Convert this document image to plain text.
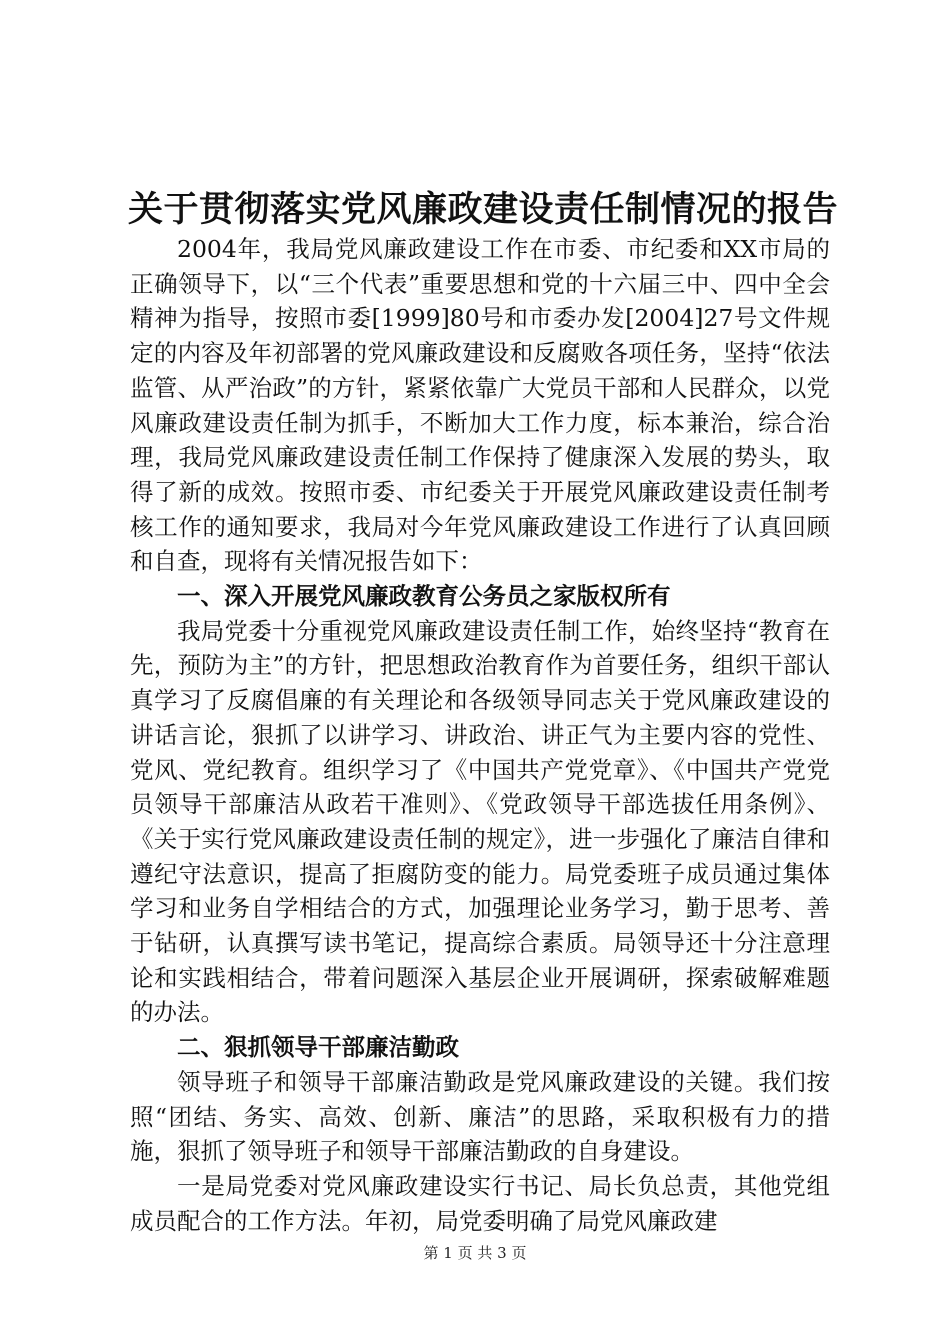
关于贯彻落实党风廉政建设责任制情况的报告

2004年，我局党风廉政建设工作在市委、市纪委和XX市局的正确领导下，以“三个代表”重要思想和党的十六届三中、四中全会精神为指导，按照市委[1999]80号和市委办发[2004]27号文件规定的内容及年初部署的党风廉政建设和反腐败各项任务，坚持“依法监管、从严治政”的方针，紧紧依靠广大党员干部和人民群众，以党风廉政建设责任制为抓手，不断加大工作力度，标本兼治，综合治理，我局党风廉政建设责任制工作保持了健康深入发展的势头，取得了新的成效。按照市委、市纪委关于开展党风廉政建设责任制考核工作的通知要求，我局对今年党风廉政建设工作进行了认真回顾和自查，现将有关情况报告如下：

一、深入开展党风廉政教育公务员之家版权所有

我局党委十分重视党风廉政建设责任制工作，始终坚持“教育在先，预防为主”的方针，把思想政治教育作为首要任务，组织干部认真学习了反腐倡廉的有关理论和各级领导同志关于党风廉政建设的讲话言论，狠抓了以讲学习、讲政治、讲正气为主要内容的党性、党风、党纪教育。组织学习了《中国共产党党章》、《中国共产党党员领导干部廉洁从政若干准则》、《党政领导干部选拔任用条例》、《关于实行党风廉政建设责任制的规定》，进一步强化了廉洁自律和遵纪守法意识，提高了拒腐防变的能力。局党委班子成员通过集体学习和业务自学相结合的方式，加强理论业务学习，勤于思考、善于钻研，认真撰写读书笔记，提高综合素质。局领导还十分注意理论和实践相结合，带着问题深入基层企业开展调研，探索破解难题的办法。

二、狠抓领导干部廉洁勤政

领导班子和领导干部廉洁勤政是党风廉政建设的关键。我们按照“团结、务实、高效、创新、廉洁”的思路，采取积极有力的措施，狠抓了领导班子和领导干部廉洁勤政的自身建设。

一是局党委对党风廉政建设实行书记、局长负总责，其他党组成员配合的工作方法。年初，局党委明确了局党风廉政建

第 1 页 共 3 页
